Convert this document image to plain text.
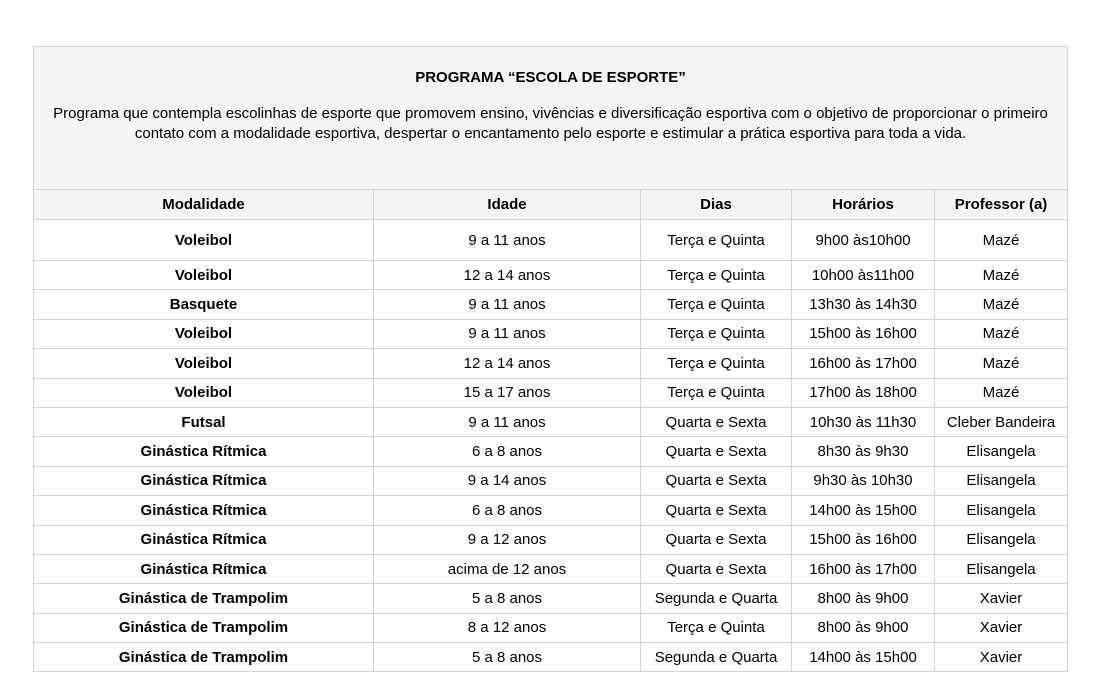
PROGRAMA “ESCOLA DE ESPORTE”
Programa que contempla escolinhas de esporte que promovem ensino, vivências e diversificação esportiva com o objetivo de proporcionar o primeiro contato com a modalidade esportiva, despertar o encantamento pelo esporte e estimular a prática esportiva para toda a vida.				

Modalidade	Idade	Dias	Horários	Professor (a)
Voleibol	9 a 11 anos	Terça e Quinta	9h00 às10h00	Mazé
Voleibol	12 a 14 anos	Terça e Quinta	10h00 às11h00	Mazé
Basquete	9 a 11 anos	Terça e Quinta	13h30 às 14h30	Mazé
Voleibol	9 a 11 anos	Terça e Quinta	15h00 às 16h00	Mazé
Voleibol	12 a 14 anos	Terça e Quinta	16h00 às 17h00	Mazé
Voleibol	15 a 17 anos	Terça e Quinta	17h00 às 18h00	Mazé
Futsal	9 a 11 anos	Quarta e Sexta	10h30 às 11h30	Cleber Bandeira
Ginástica Rítmica	6 a 8 anos	Quarta e Sexta	8h30 às 9h30	Elisangela
Ginástica Rítmica	9 a 14 anos	Quarta e Sexta	9h30 às 10h30	Elisangela
Ginástica Rítmica	6 a 8 anos	Quarta e Sexta	14h00 às 15h00	Elisangela
Ginástica Rítmica	9 a 12 anos	Quarta e Sexta	15h00 às 16h00	Elisangela
Ginástica Rítmica	acima de 12 anos	Quarta e Sexta	16h00 às 17h00	Elisangela
Ginástica de Trampolim	5 a 8 anos	Segunda e Quarta	8h00 às 9h00	Xavier
Ginástica de Trampolim	8 a 12 anos	Terça e Quinta	8h00 às 9h00	Xavier
Ginástica de Trampolim	5 a 8 anos	Segunda e Quarta	14h00 às 15h00	Xavier
